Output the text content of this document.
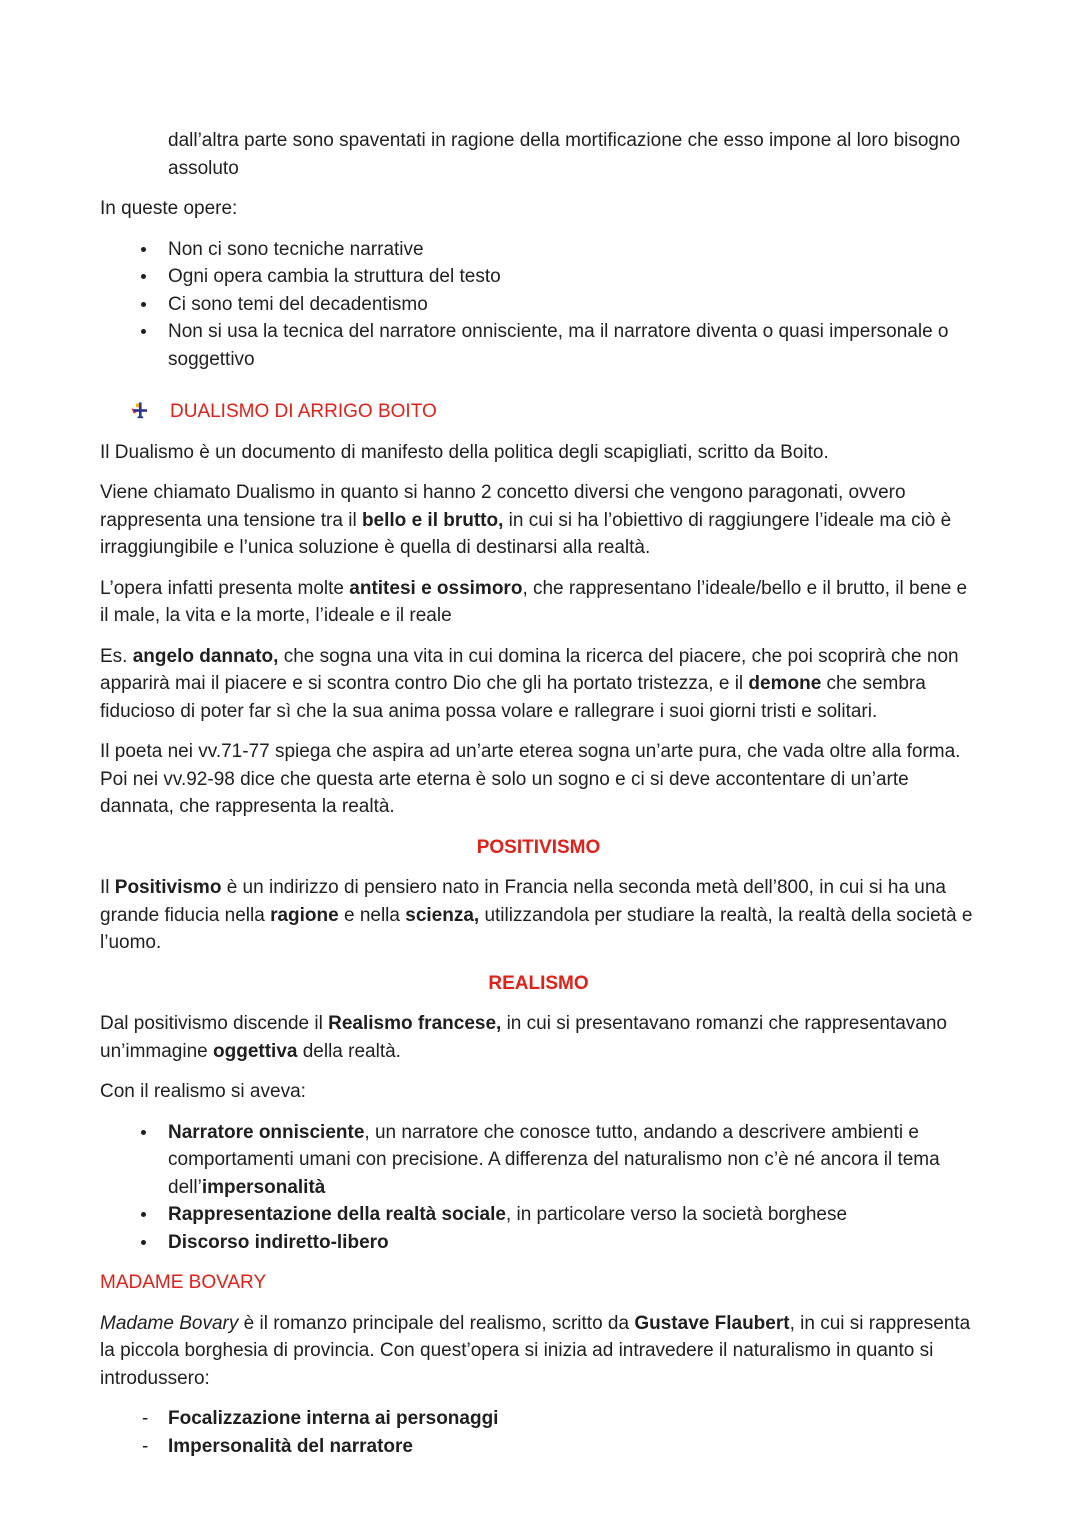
dall’altra parte sono spaventati in ragione della mortificazione che esso impone al loro bisogno assoluto
In queste opere:
Non ci sono tecniche narrative
Ogni opera cambia la struttura del testo
Ci sono temi del decadentismo
Non si usa la tecnica del narratore onnisciente, ma il narratore diventa o quasi impersonale o soggettivo
DUALISMO DI ARRIGO BOITO
Il Dualismo è un documento di manifesto della politica degli scapigliati, scritto da Boito.
Viene chiamato Dualismo in quanto si hanno 2 concetto diversi che vengono paragonati, ovvero rappresenta una tensione tra il bello e il brutto, in cui si ha l’obiettivo di raggiungere l’ideale ma ciò è irraggiungibile e l’unica soluzione è quella di destinarsi alla realtà.
L’opera infatti presenta molte antitesi e ossimoro, che rappresentano l’ideale/bello e il brutto, il bene e il male, la vita e la morte, l’ideale e il reale
Es. angelo dannato, che sogna una vita in cui domina la ricerca del piacere, che poi scoprirà che non apparirà mai il piacere e si scontra contro Dio che gli ha portato tristezza, e il demone che sembra fiducioso di poter far sì che la sua anima possa volare e rallegrare i suoi giorni tristi e solitari.
Il poeta nei vv.71-77 spiega che aspira ad un’arte eterea sogna un’arte pura, che vada oltre alla forma. Poi nei vv.92-98 dice che questa arte eterna è solo un sogno e ci si deve accontentare di un’arte dannata, che rappresenta la realtà.
POSITIVISMO
Il Positivismo è un indirizzo di pensiero nato in Francia nella seconda metà dell’800, in cui si ha una grande fiducia nella ragione e nella scienza, utilizzandola per studiare la realtà, la realtà della società e l’uomo.
REALISMO
Dal positivismo discende il Realismo francese, in cui si presentavano romanzi che rappresentavano un’immagine oggettiva della realtà.
Con il realismo si aveva:
Narratore onnisciente, un narratore che conosce tutto, andando a descrivere ambienti e comportamenti umani con precisione. A differenza del naturalismo non c’è né ancora il tema dell’impersonalità
Rappresentazione della realtà sociale, in particolare verso la società borghese
Discorso indiretto-libero
MADAME BOVARY
Madame Bovary è il romanzo principale del realismo, scritto da Gustave Flaubert, in cui si rappresenta la piccola borghesia di provincia. Con quest’opera si inizia ad intravedere il naturalismo in quanto si introdussero:
- Focalizzazione interna ai personaggi
- Impersonalità del narratore
